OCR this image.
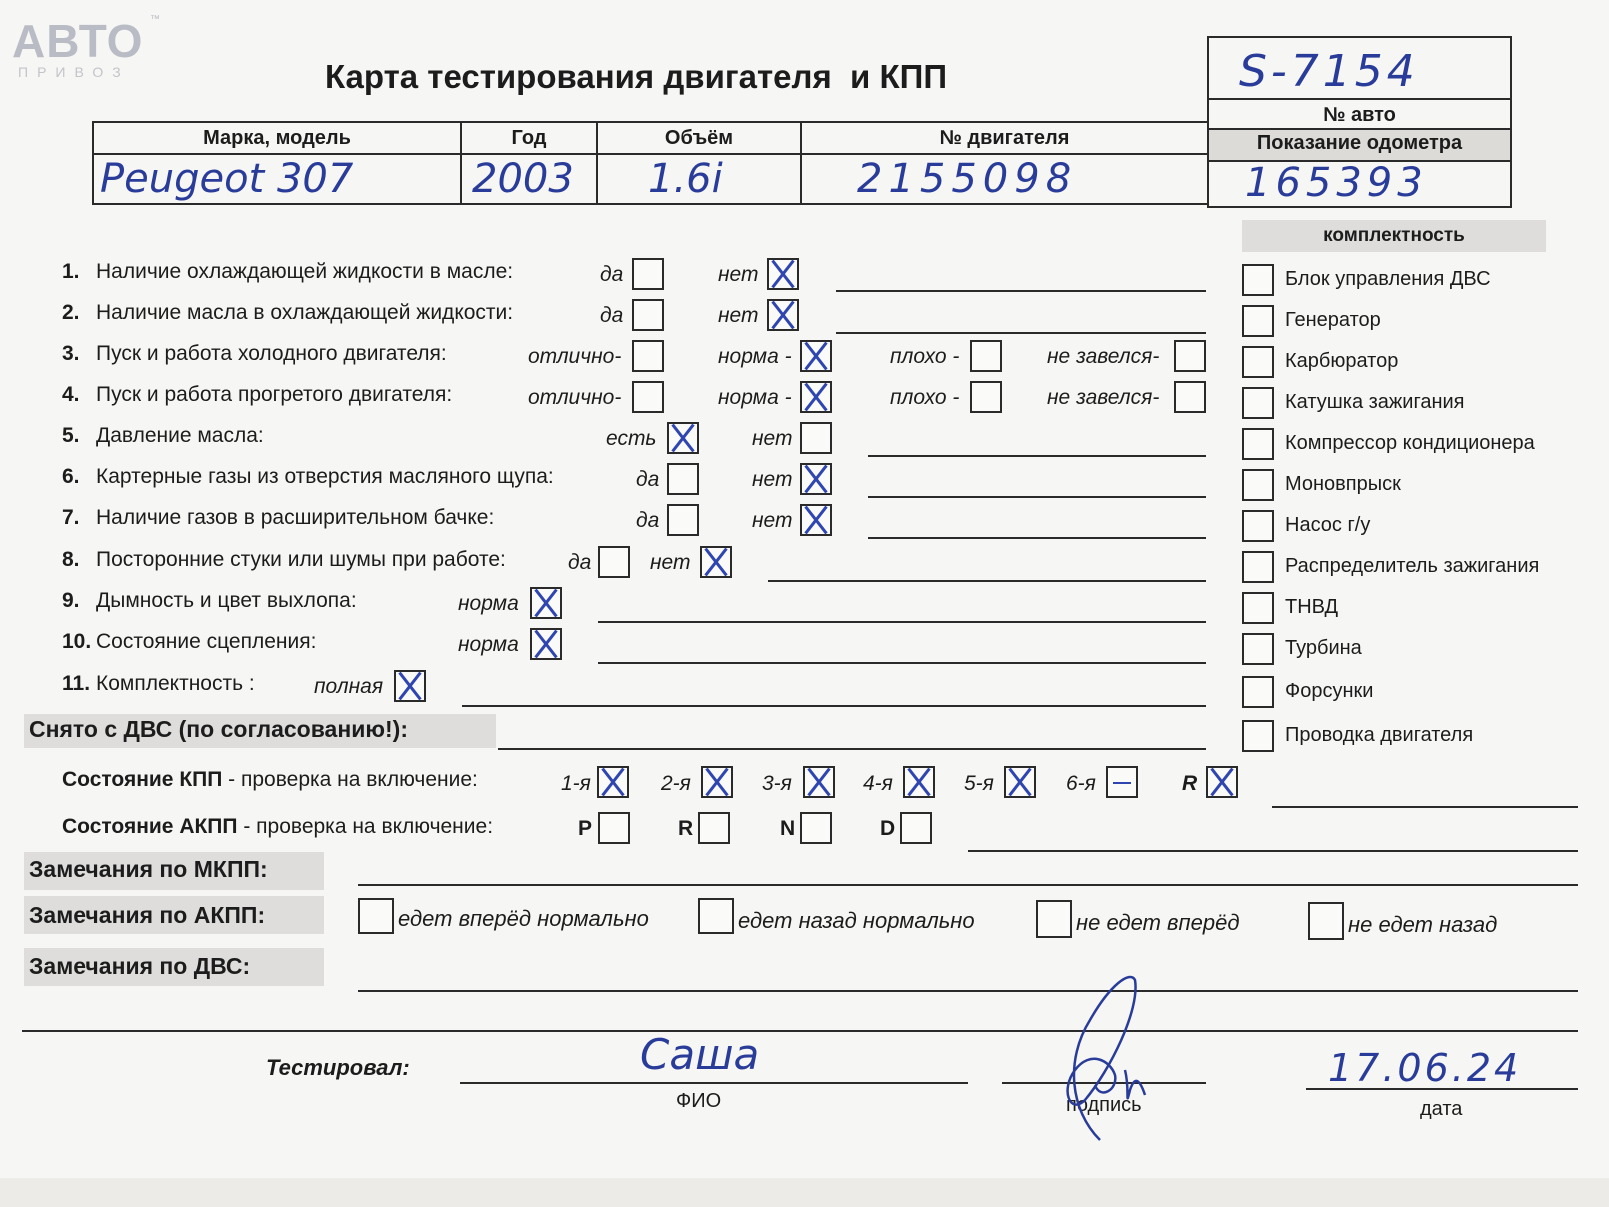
АВТО
ПРИВОЗ
™
Карта тестирования двигателя  и КПП	S-7154
№ авто
Показание одометра
165393
Марка, модель	Год	Объём	№ двигателя
Peugeot 307	2003	1.6i	2155098
1. Наличие охлаждающей жидкости в масле:	да	нет
2. Наличие масла в охлаждающей жидкости:	да	нет
3. Пуск и работа холодного двигателя:	отлично-	норма -	плохо -	не завелся-
4. Пуск и работа прогретого двигателя:	отлично-	норма -	плохо -	не завелся-
5. Давление масла:	есть	нет
6. Картерные газы из отверстия масляного щупа:	да	нет
7. Наличие газов в расширительном бачке:	да	нет
8. Посторонние стуки или шумы при работе:	да	нет
9. Дымность и цвет выхлопа:	норма
10. Состояние сцепления:	норма
11. Комплектность :	полная
Снято с ДВС (по согласованию!):
Состояние КПП - проверка на включение:	1-я	2-я	3-я	4-я	5-я	6-я	R
Состояние АКПП - проверка на включение:	P	R	N	D
Замечания по МКПП:
Замечания по АКПП:	едет вперёд нормально	едет назад нормально	не едет вперёд	не едет назад
Замечания по ДВС:
комплектность
Блок управления ДВС
Генератор
Карбюратор
Катушка зажигания
Компрессор кондиционера
Моновпрыск
Насос г/у
Распределитель зажигания
ТНВД
Турбина
Форсунки
Проводка двигателя
Тестировал:	Саша
ФИО	подпись
17.06.24
дата
